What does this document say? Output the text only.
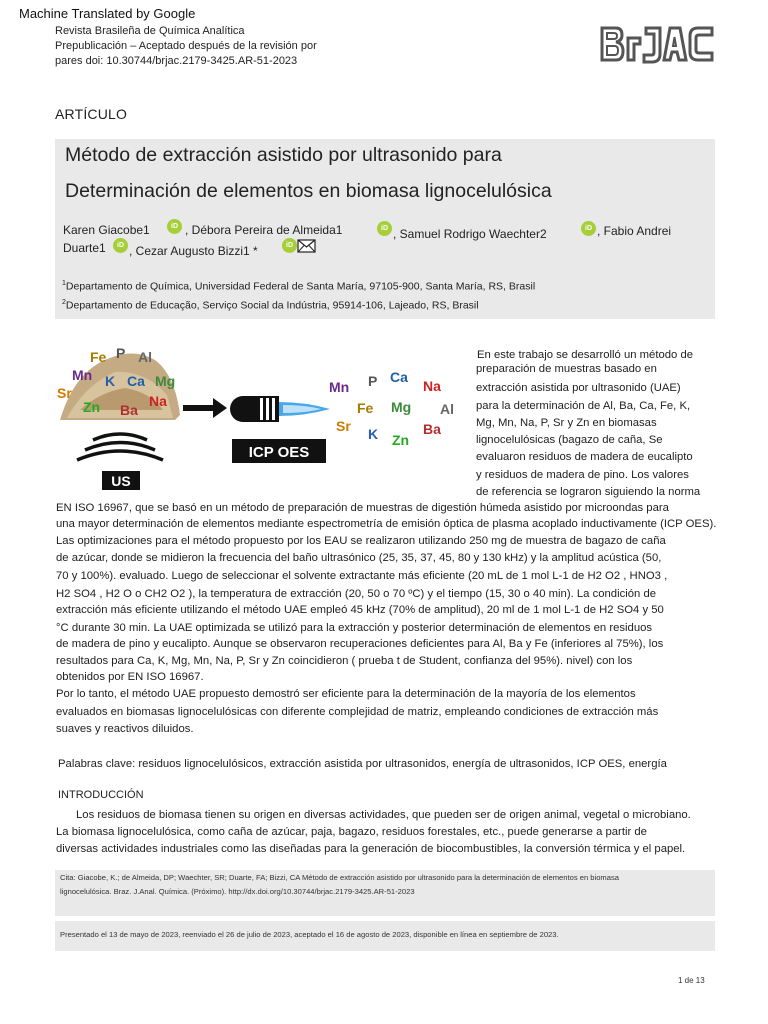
Machine Translated by Google
Revista Brasileña de Química Analítica
Prepublicación – Aceptado después de la revisión por
pares doi: 10.30744/brjac.2179-3425.AR-51-2023
ARTÍCULO
Método de extracción asistido por ultrasonido para
Determinación de elementos en biomasa lignocelulósica
Karen Giacobe1	iD , Débora Pereira de Almeida1	iD , Samuel Rodrigo Waechter2	iD , Fabio Andrei
Duarte1	iD , Cezar Augusto Bizzi1 *	iD
$^1$Departamento de Química, Universidad Federal de Santa María, 97105-900, Santa María, RS, Brasil
$^2$Departamento de Educação, Serviço Social da Indústria, 95914-106, Lajeado, RS, Brasil
Fe P Al
Mn K Ca Mg
Sr
Zn Ba
Na
US
ICP OES
Mn P Ca
Na
Fe Mg Al
Sr K Zn
Ba
En este trabajo se desarrolló un método de
preparación de muestras basado en
extracción asistida por ultrasonido (UAE)
para la determinación de Al, Ba, Ca, Fe, K,
Mg, Mn, Na, P, Sr y Zn en biomasas
lignocelulósicas (bagazo de caña, Se
evaluaron residuos de madera de eucalipto
y residuos de madera de pino. Los valores
de referencia se lograron siguiendo la norma
EN ISO 16967, que se basó en un método de preparación de muestras de digestión húmeda asistido por microondas para
una mayor determinación de elementos mediante espectrometría de emisión óptica de plasma acoplado inductivamente (ICP OES).
Las optimizaciones para el método propuesto por los EAU se realizaron utilizando 250 mg de muestra de bagazo de caña
de azúcar, donde se midieron la frecuencia del baño ultrasónico (25, 35, 37, 45, 80 y 130 kHz) y la amplitud acústica (50,
70 y 100%). evaluado. Luego de seleccionar el solvente extractante más eficiente (20 mL de 1 mol L-1 de H2 O2 , HNO3 ,
H2 SO4 , H2 O o CH2 O2 ), la temperatura de extracción (20, 50 o 70 ºC) y el tiempo (15, 30 o 40 min). La condición de
extracción más eficiente utilizando el método UAE empleó 45 kHz (70% de amplitud), 20 ml de 1 mol L-1 de H2 SO4 y 50
°C durante 30 min. La UAE optimizada se utilizó para la extracción y posterior determinación de elementos en residuos
de madera de pino y eucalipto. Aunque se observaron recuperaciones deficientes para Al, Ba y Fe (inferiores al 75%), los
resultados para Ca, K, Mg, Mn, Na, P, Sr y Zn coincidieron ( prueba t de Student, confianza del 95%). nivel) con los
obtenidos por EN ISO 16967.
Por lo tanto, el método UAE propuesto demostró ser eficiente para la determinación de la mayoría de los elementos
evaluados en biomasas lignocelulósicas con diferente complejidad de matriz, empleando condiciones de extracción más
suaves y reactivos diluidos.
Palabras clave: residuos lignocelulósicos, extracción asistida por ultrasonidos, energía de ultrasonidos, ICP OES, energía
INTRODUCCIÓN
Los residuos de biomasa tienen su origen en diversas actividades, que pueden ser de origen animal, vegetal o microbiano.
La biomasa lignocelulósica, como caña de azúcar, paja, bagazo, residuos forestales, etc., puede generarse a partir de
diversas actividades industriales como las diseñadas para la generación de biocombustibles, la conversión térmica y el papel.
Cita: Giacobe, K.; de Almeida, DP; Waechter, SR; Duarte, FA; Bizzi, CA Método de extracción asistido por ultrasonido para la determinación de elementos en biomasa
lignocelulósica. Braz. J.Anal. Química. (Próximo). http://dx.doi.org/10.30744/brjac.2179-3425.AR-51-2023
Presentado el 13 de mayo de 2023, reenviado el 26 de julio de 2023, aceptado el 16 de agosto de 2023, disponible en línea en septiembre de 2023.
1 de 13
